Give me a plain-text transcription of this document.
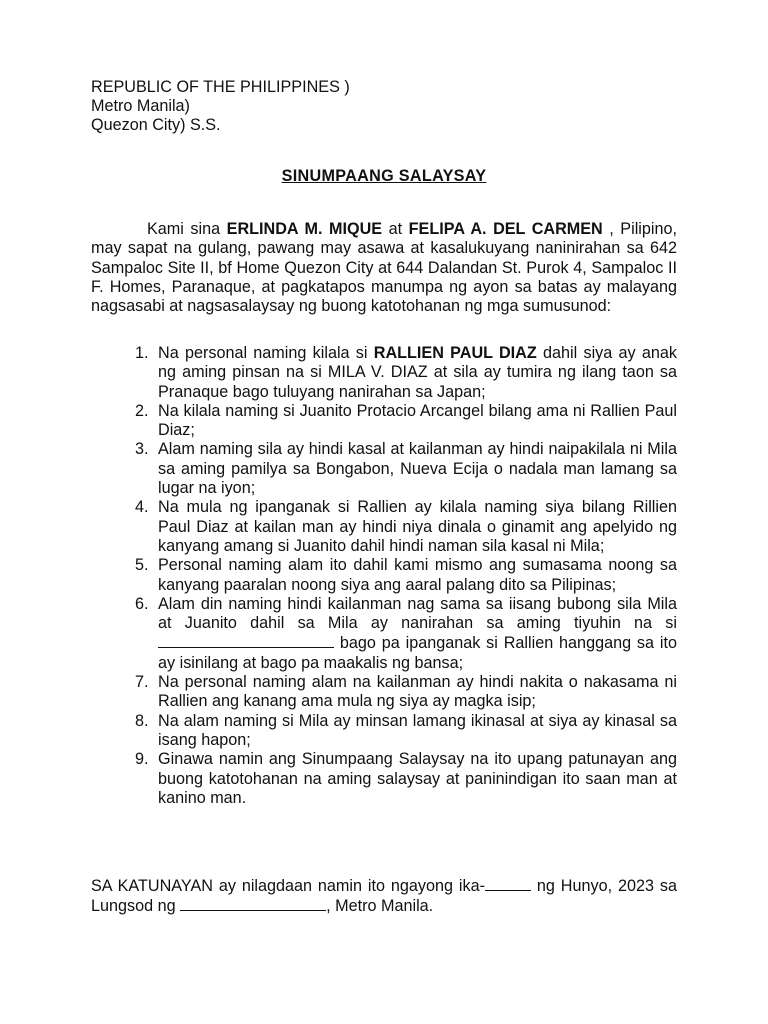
REPUBLIC OF THE PHILIPPINES )
Metro Manila)
Quezon City) S.S.
SINUMPAANG SALAYSAY

Kami sina ERLINDA M. MIQUE at FELIPA A. DEL CARMEN , Pilipino, may sapat na gulang, pawang may asawa at kasalukuyang naninirahan sa 642 Sampaloc Site II, bf Home Quezon City at 644 Dalandan St. Purok 4, Sampaloc II F. Homes, Paranaque, at pagkatapos manumpa ng ayon sa batas ay malayang nagsasabi at nagsasalaysay ng buong katotohanan ng mga sumusunod:

1. Na personal naming kilala si RALLIEN PAUL DIAZ dahil siya ay anak ng aming pinsan na si MILA V. DIAZ at sila ay tumira ng ilang taon sa Pranaque bago tuluyang nanirahan sa Japan;
2. Na kilala naming si Juanito Protacio Arcangel bilang ama ni Rallien Paul Diaz;
3. Alam naming sila ay hindi kasal at kailanman ay hindi naipakilala ni Mila sa aming pamilya sa Bongabon, Nueva Ecija o nadala man lamang sa lugar na iyon;
4. Na mula ng ipanganak si Rallien ay kilala naming siya bilang Rillien Paul Diaz at kailan man ay hindi niya dinala o ginamit ang apelyido ng kanyang amang si Juanito dahil hindi naman sila kasal ni Mila;
5. Personal naming alam ito dahil kami mismo ang sumasama noong sa kanyang paaralan noong siya ang aaral palang dito sa Pilipinas;
6. Alam din naming hindi kailanman nag sama sa iisang bubong sila Mila at Juanito dahil sa Mila ay nanirahan sa aming tiyuhin na si  bago pa ipanganak si Rallien hanggang sa ito ay isinilang at bago pa maakalis ng bansa;
7. Na personal naming alam na kailanman ay hindi nakita o nakasama ni Rallien ang kanang ama mula ng siya ay magka isip;
8. Na alam naming si Mila ay minsan lamang ikinasal at siya ay kinasal sa isang hapon;
9. Ginawa namin ang Sinumpaang Salaysay na ito upang patunayan ang buong katotohanan na aming salaysay at paninindigan ito saan man at kanino man.

SA KATUNAYAN ay nilagdaan namin ito ngayong ika-	ng Hunyo, 2023 sa Lungsod ng	, Metro Manila.
